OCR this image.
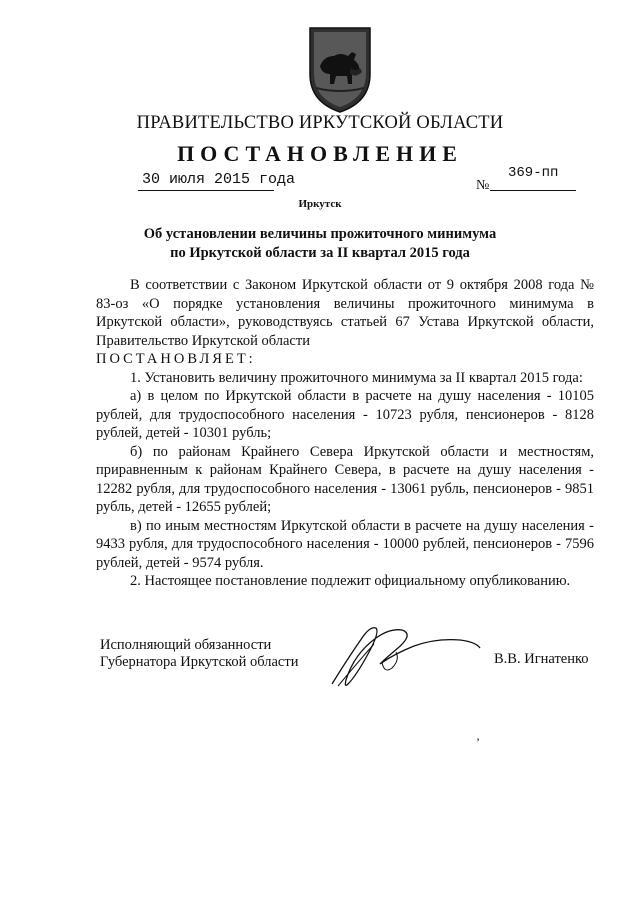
ПРАВИТЕЛЬСТВО ИРКУТСКОЙ ОБЛАСТИ
ПОСТАНОВЛЕНИЕ
30 июля 2015 года	№
369-пп
Иркутск
Об установлении величины прожиточного минимума
по Иркутской области за II квартал 2015 года

В соответствии с Законом Иркутской области от 9 октября 2008 года № 83-оз «О порядке установления величины прожиточного минимума в Иркутской области», руководствуясь статьей 67 Устава Иркутской области, Правительство Иркутской области

ПОСТАНОВЛЯЕТ:

1. Установить величину прожиточного минимума за II квартал 2015 года:

а) в целом по Иркутской области в расчете на душу населения - 10105 рублей, для трудоспособного населения - 10723 рубля, пенсионеров - 8128 рублей, детей - 10301 рубль;

б) по районам Крайнего Севера Иркутской области и местностям, приравненным к районам Крайнего Севера, в расчете на душу населения - 12282 рубля, для трудоспособного населения - 13061 рубль, пенсионеров - 9851 рубль, детей - 12655 рублей;

в) по иным местностям Иркутской области в расчете на душу населения - 9433 рубля, для трудоспособного населения - 10000 рублей, пенсионеров - 7596 рублей, детей - 9574 рубля.

2. Настоящее постановление подлежит официальному опубликованию.

Исполняющий обязанности
Губернатора Иркутской области	В.В. Игнатенко
’
